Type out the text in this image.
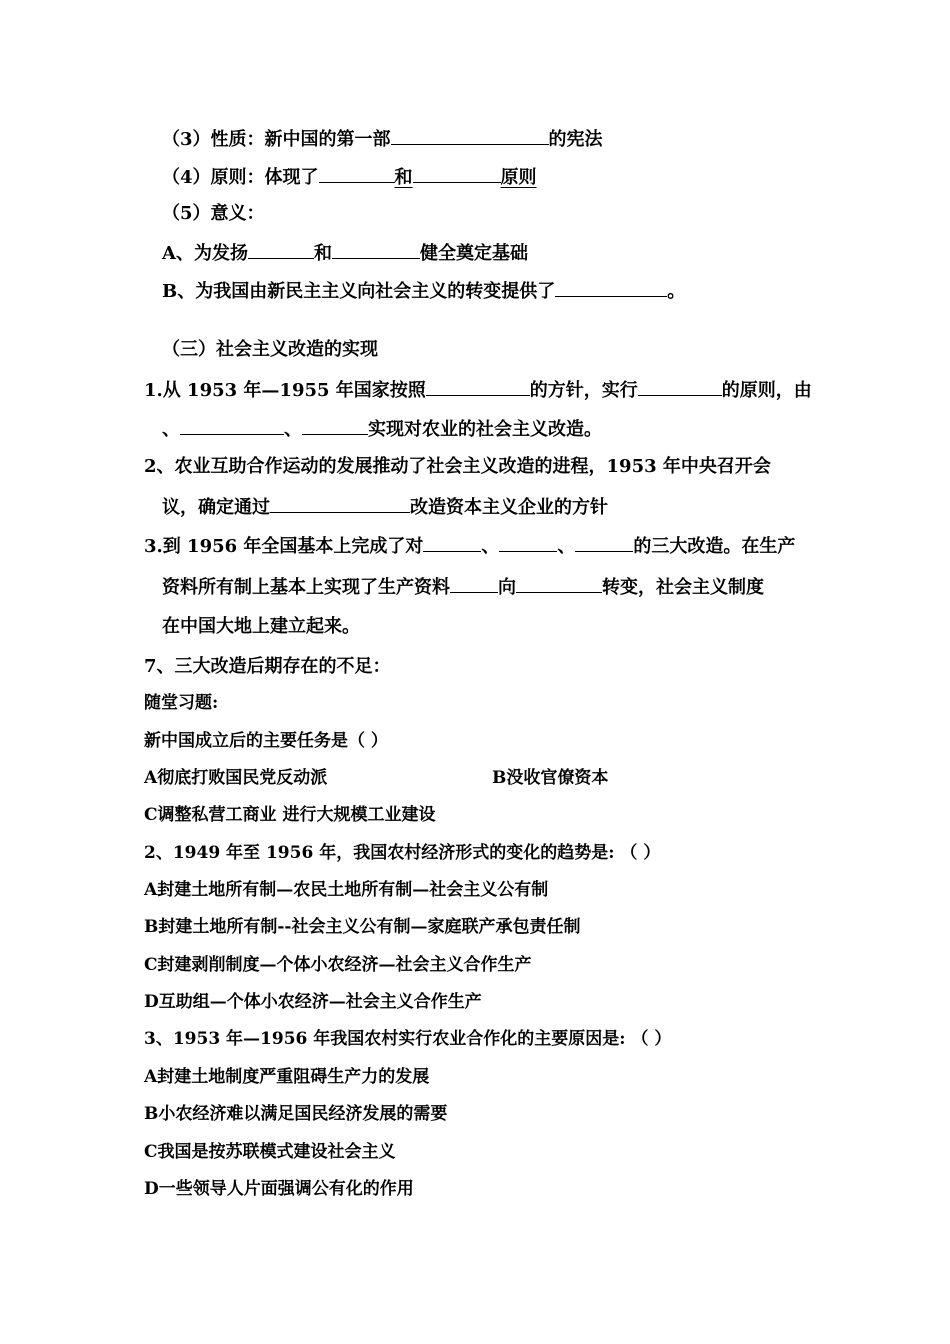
（3）性质：新中国的第一部	的宪法
（4）原则：体现了	和	原则
（5）意义：
A、为发扬	和	健全奠定基础
B、为我国由新民主主义向社会主义的转变提供了	。
（三）社会主义改造的实现
1.从 1953 年—1955 年国家按照	的方针，实行	的原则，由
、	、	实现对农业的社会主义改造。
2、农业互助合作运动的发展推动了社会主义改造的进程，1953 年中央召开会
议，确定通过	改造资本主义企业的方针
3.到 1956 年全国基本上完成了对	、	、	的三大改造。在生产
资料所有制上基本上实现了生产资料	向	转变，社会主义制度
在中国大地上建立起来。
7、三大改造后期存在的不足：
随堂习题:
新中国成立后的主要任务是（ ）
A彻底打败国民党反动派	B没收官僚资本
C调整私营工商业 进行大规模工业建设
2、1949 年至 1956 年，我国农村经济形式的变化的趋势是: （ ）
A封建土地所有制—农民土地所有制—社会主义公有制
B封建土地所有制--社会主义公有制—家庭联产承包责任制
C封建剥削制度—个体小农经济—社会主义合作生产
D互助组—个体小农经济—社会主义合作生产
3、1953 年—1956 年我国农村实行农业合作化的主要原因是: （ ）
A封建土地制度严重阻碍生产力的发展
B小农经济难以满足国民经济发展的需要
C我国是按苏联模式建设社会主义
D一些领导人片面强调公有化的作用
